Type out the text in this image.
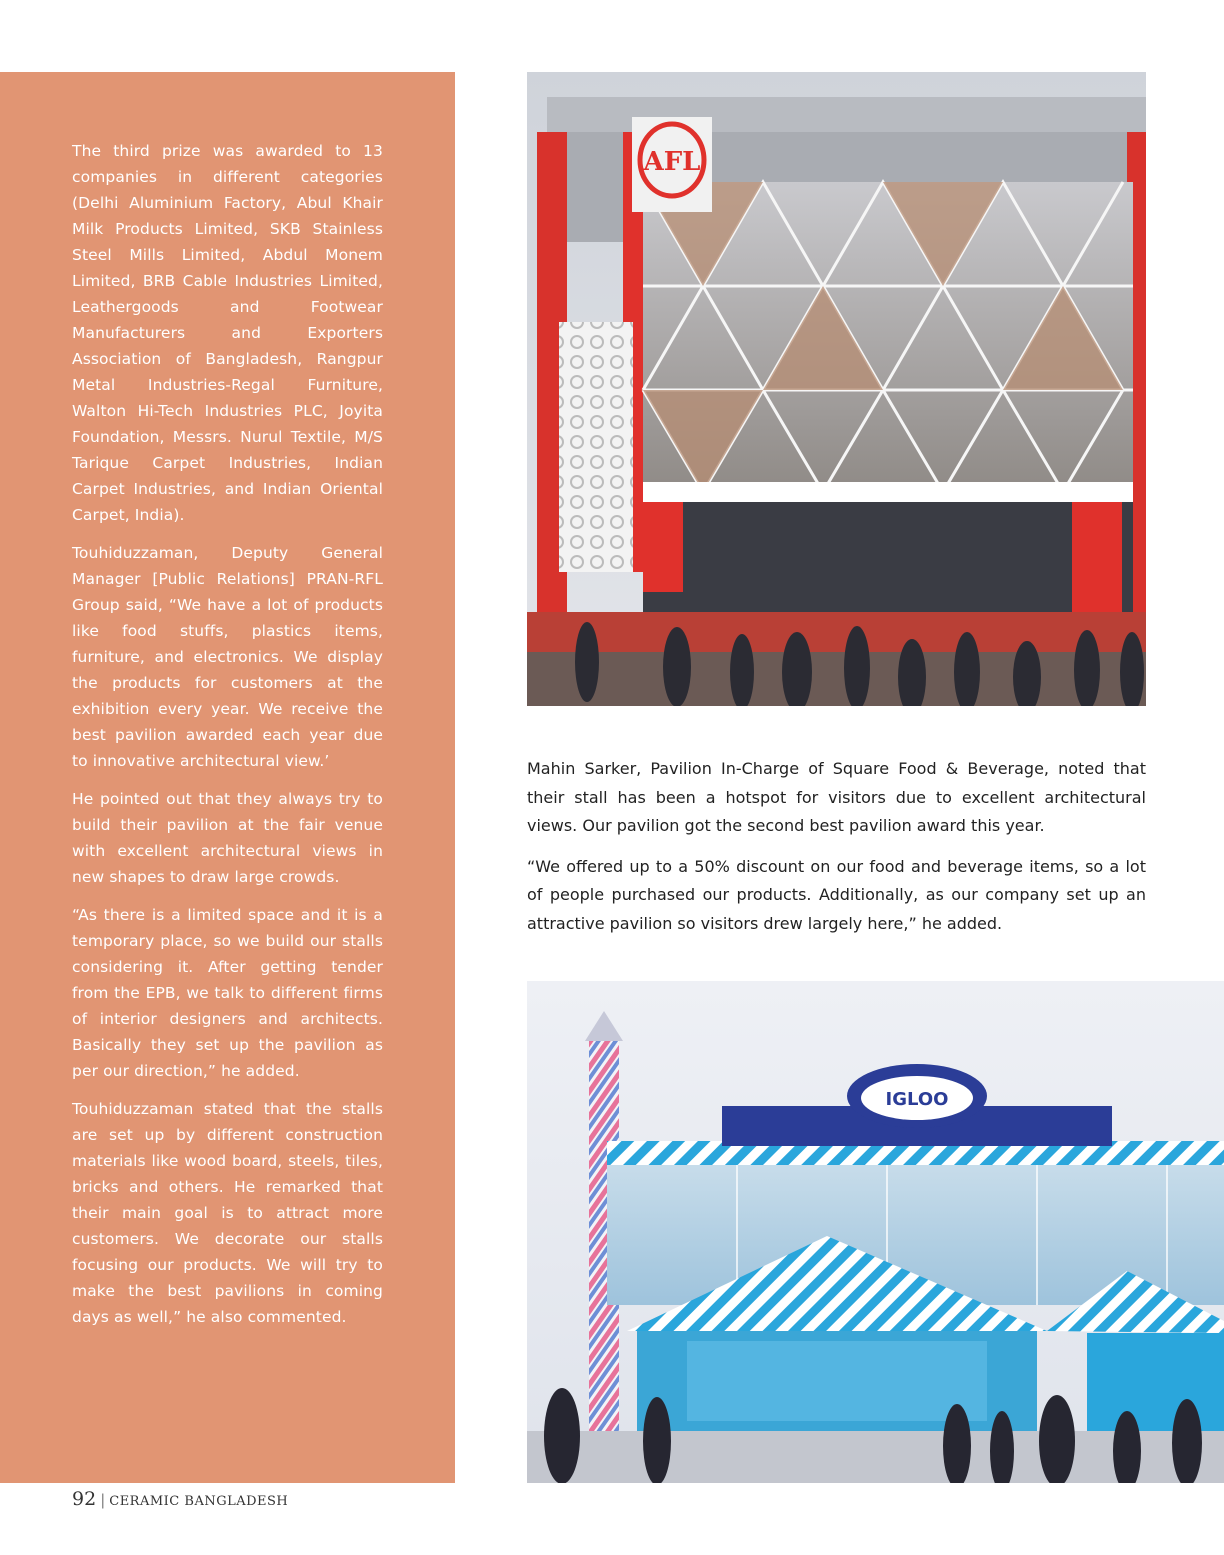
The third prize was awarded to 13 companies in different categories (Delhi Aluminium Factory, Abul Khair Milk Products Limited, SKB Stainless Steel Mills Limited, Abdul Monem Limited, BRB Cable Industries Limited, Leathergoods and Footwear Manufacturers and Exporters Association of Bangladesh, Rangpur Metal Industries-Regal Furniture, Walton Hi-Tech Industries PLC, Joyita Foundation, Messrs. Nurul Textile, M/S Tarique Carpet Industries, Indian Carpet Industries, and Indian Oriental Carpet, India).

Touhiduzzaman, Deputy General Manager [Public Relations] PRAN-RFL Group said, “We have a lot of products like food stuffs, plastics items, furniture, and electronics. We display the products for customers at the exhibition every year. We receive the best pavilion awarded each year due to innovative architectural view.’

He pointed out that they always try to build their pavilion at the fair venue with excellent architectural views in new shapes to draw large crowds.

“As there is a limited space and it is a temporary place, so we build our stalls considering it. After getting tender from the EPB, we talk to different firms of interior designers and architects. Basically they set up the pavilion as per our direction,” he added.

Touhiduzzaman stated that the stalls are set up by different construction materials like wood board, steels, tiles, bricks and others. He remarked that their main goal is to attract more customers. We decorate our stalls focusing our products. We will try to make the best pavilions in coming days as well,” he also commented.

AFL

Mahin Sarker, Pavilion In-Charge of Square Food & Beverage, noted that their stall has been a hotspot for visitors due to excellent architectural views. Our pavilion got the second best pavilion award this year.

“We offered up to a 50% discount on our food and beverage items, so a lot of people purchased our products. Additionally, as our company set up an attractive pavilion so visitors drew largely here,” he added.

IGLOO
92 | CERAMIC BANGLADESH
